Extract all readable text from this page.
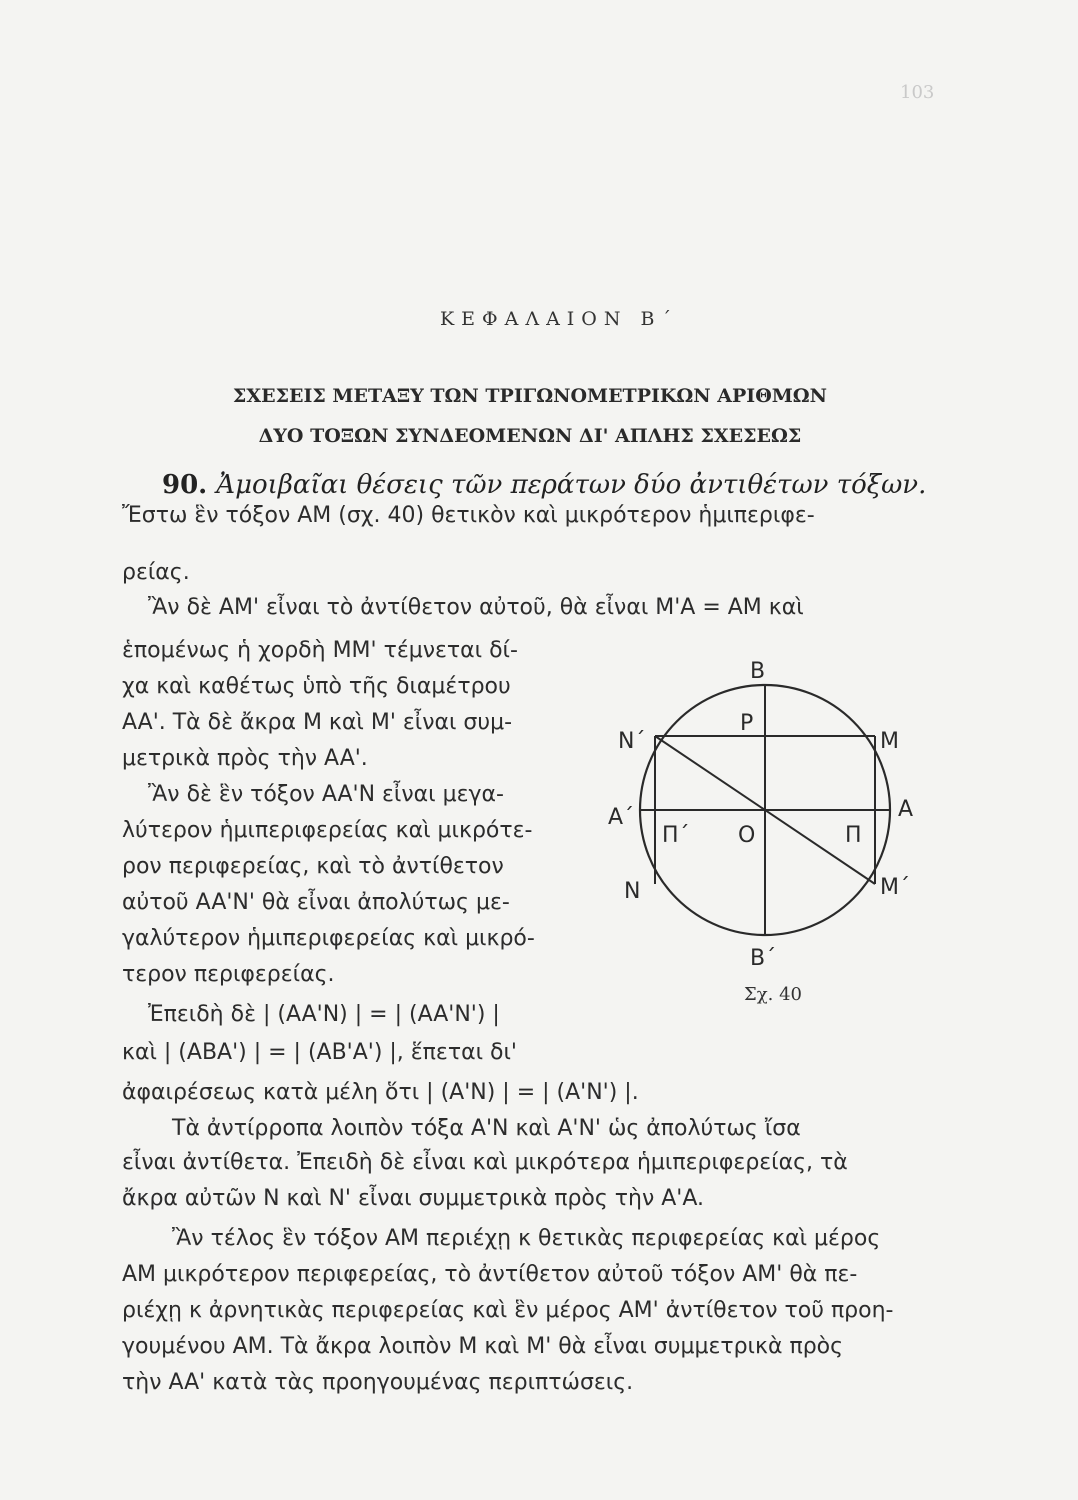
103
ΚΕΦΑΛΑΙΟΝ Β΄
ΣΧΕΣΕΙΣ ΜΕΤΑΞΥ ΤΩΝ ΤΡΙΓΩΝΟΜΕΤΡΙΚΩΝ ΑΡΙΘΜΩΝ
ΔΥΟ ΤΟΞΩΝ ΣΥΝΔΕΟΜΕΝΩΝ ΔΙ' ΑΠΛΗΣ ΣΧΕΣΕΩΣ
90. Ἀμοιβαῖαι θέσεις τῶν περάτων δύο ἀντιθέτων τόξων.
Ἔστω ἓν τόξον AM (σχ. 40) θετικὸν καὶ μικρότερον ἡμιπεριφε-
ρείας.
Ἂν δὲ AM' εἶναι τὸ ἀντίθετον αὐτοῦ, θὰ εἶναι M'A = AM καὶ
ἑπομένως ἡ χορδὴ MM' τέμνεται δί-
χα καὶ καθέτως ὑπὸ τῆς διαμέτρου
AA'. Τὰ δὲ ἄκρα M καὶ M' εἶναι συμ-
μετρικὰ πρὸς τὴν AA'.
Ἂν δὲ ἓν τόξον AA'N εἶναι μεγα-
λύτερον ἡμιπεριφερείας καὶ μικρότε-
ρον περιφερείας, καὶ τὸ ἀντίθετον
αὐτοῦ AA'N' θὰ εἶναι ἀπολύτως με-
γαλύτερον ἡμιπεριφερείας καὶ μικρό-
τερον περιφερείας.
Ἐπειδὴ δὲ | (AA'N) | = | (AA'N') |
καὶ | (ABA') | = | (AB'A') |, ἕπεται δι'
ἀφαιρέσεως κατὰ μέλη ὅτι | (A'N) | = | (A'N') |.
Τὰ ἀντίρροπα λοιπὸν τόξα A'N καὶ A'N' ὡς ἀπολύτως ἴσα
εἶναι ἀντίθετα. Ἐπειδὴ δὲ εἶναι καὶ μικρότερα ἡμιπεριφερείας, τὰ
ἄκρα αὐτῶν N καὶ N' εἶναι συμμετρικὰ πρὸς τὴν A'A.
Ἂν τέλος ἓν τόξον AM περιέχῃ κ θετικὰς περιφερείας καὶ μέρος
AM μικρότερον περιφερείας, τὸ ἀντίθετον αὐτοῦ τόξον AM' θὰ πε-
ριέχῃ κ ἀρνητικὰς περιφερείας καὶ ἓν μέρος AM' ἀντίθετον τοῦ προη-
γουμένου AM. Τὰ ἄκρα λοιπὸν M καὶ M' θὰ εἶναι συμμετρικὰ πρὸς
τὴν AA' κατὰ τὰς προηγουμένας περιπτώσεις.
B
P
N΄	M
A΄	A
Π΄ O	Π
N	M΄
B΄
Σχ. 40
